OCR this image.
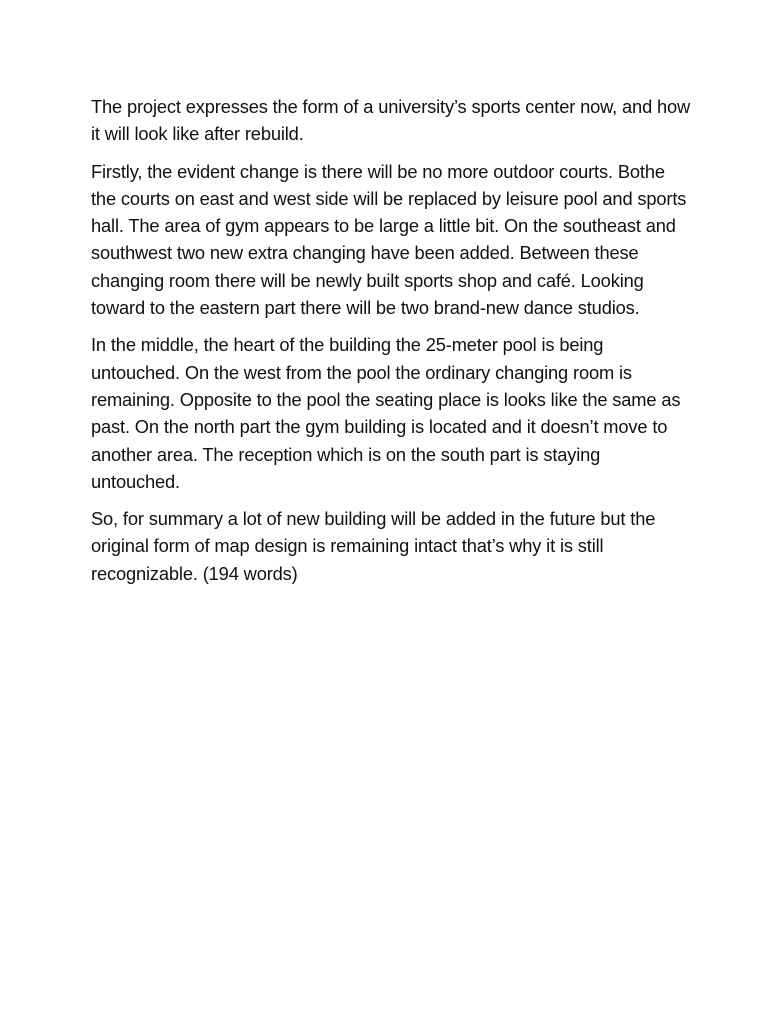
The project expresses the form of a university’s sports center now, and how it will look like after rebuild.

Firstly, the evident change is there will be no more outdoor courts. Bothe the courts on east and west side will be replaced by leisure pool and sports hall. The area of gym appears to be large a little bit. On the southeast and southwest two new extra changing have been added. Between these changing room there will be newly built sports shop and café. Looking toward to the eastern part there will be two brand-new dance studios.

In the middle, the heart of the building the 25-meter pool is being untouched. On the west from the pool the ordinary changing room is remaining. Opposite to the pool the seating place is looks like the same as past. On the north part the gym building is located and it doesn’t move to another area. The reception which is on the south part is staying untouched.

So, for summary a lot of new building will be added in the future but the original form of map design is remaining intact that’s why it is still recognizable. (194 words)
